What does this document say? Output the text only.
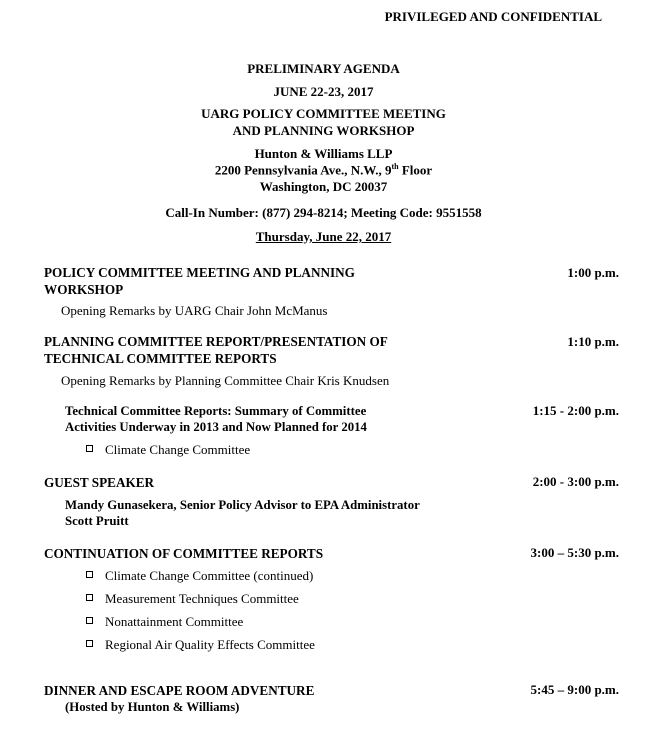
PRIVILEGED AND CONFIDENTIAL
PRELIMINARY AGENDA
JUNE 22-23, 2017
UARG POLICY COMMITTEE MEETING
AND PLANNING WORKSHOP
Hunton & Williams LLP
2200 Pennsylvania Ave., N.W., 9th Floor
Washington, DC 20037
Call-In Number: (877) 294-8214; Meeting Code: 9551558
Thursday, June 22, 2017
POLICY COMMITTEE MEETING AND PLANNING
WORKSHOP
1:00 p.m.
Opening Remarks by UARG Chair John McManus
PLANNING COMMITTEE REPORT/PRESENTATION OF
TECHNICAL COMMITTEE REPORTS
1:10 p.m.
Opening Remarks by Planning Committee Chair Kris Knudsen
Technical Committee Reports: Summary of Committee
Activities Underway in 2013 and Now Planned for 2014
1:15 - 2:00 p.m.
Climate Change Committee
GUEST SPEAKER	2:00 - 3:00 p.m.
Mandy Gunasekera, Senior Policy Advisor to EPA Administrator
Scott Pruitt
CONTINUATION OF COMMITTEE REPORTS	3:00 – 5:30 p.m.
Climate Change Committee (continued)
Measurement Techniques Committee
Nonattainment Committee
Regional Air Quality Effects Committee
DINNER AND ESCAPE ROOM ADVENTURE	5:45 – 9:00 p.m.
(Hosted by Hunton & Williams)
